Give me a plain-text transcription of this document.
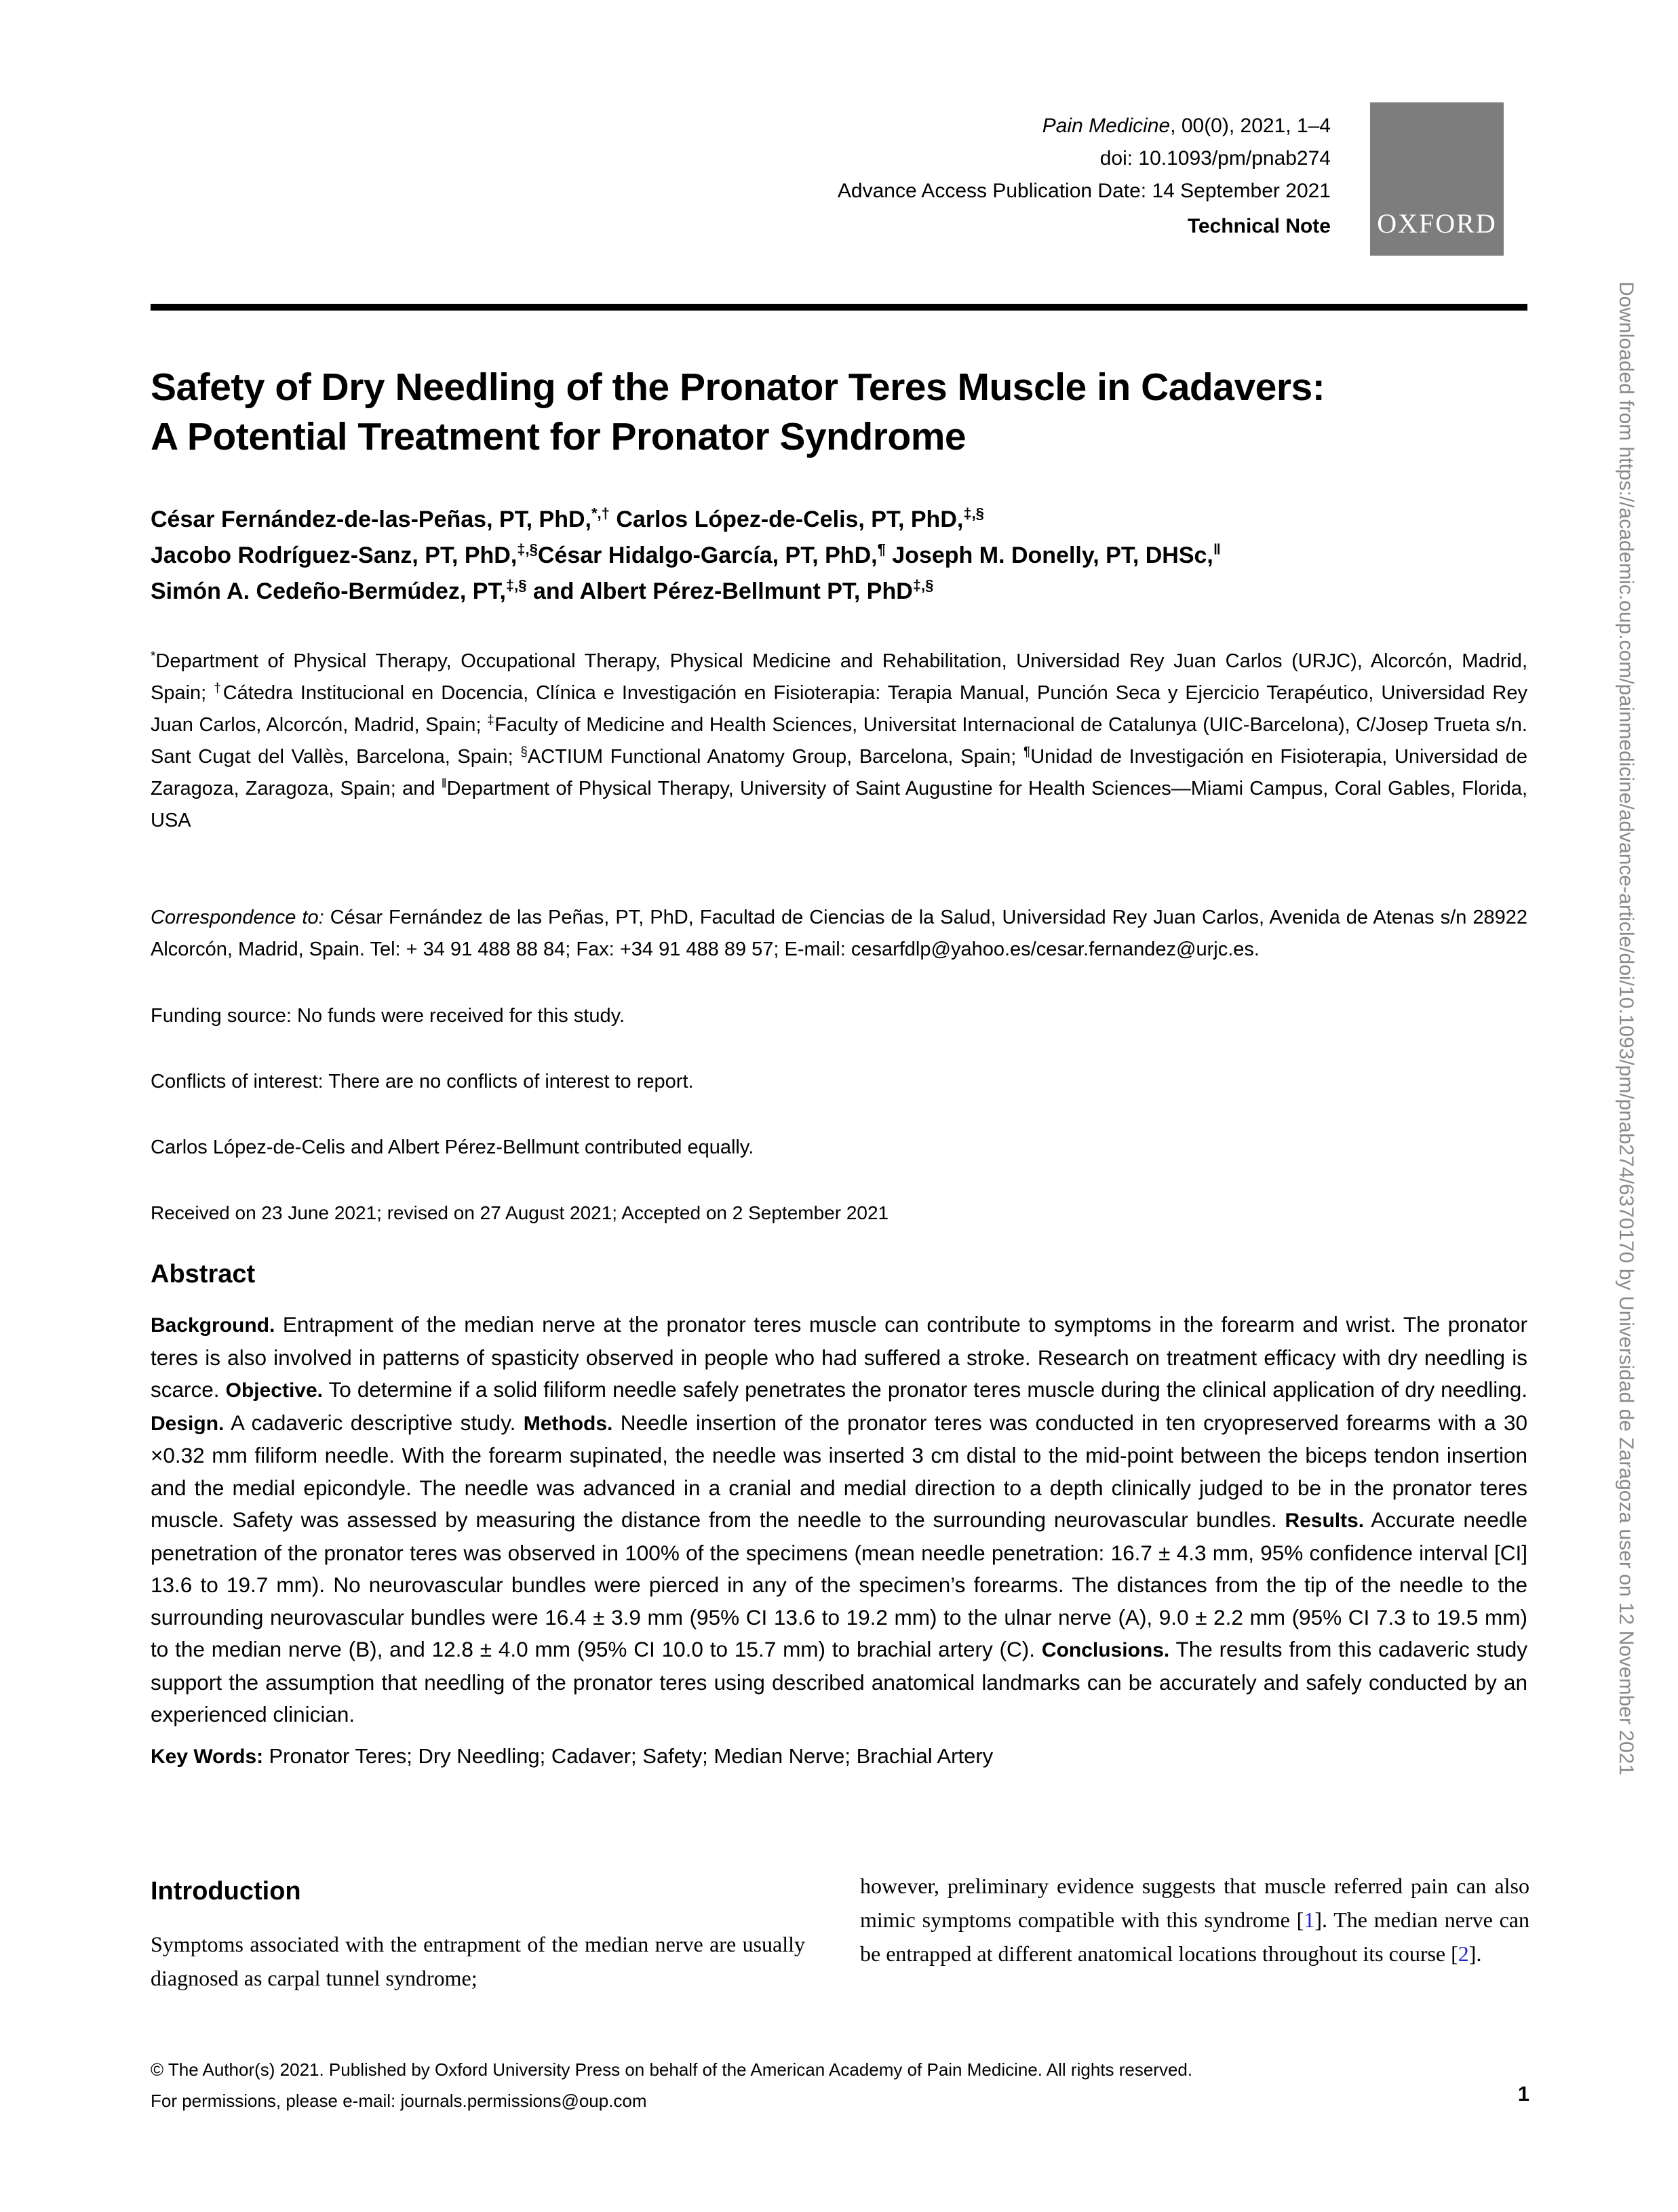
Pain Medicine, 00(0), 2021, 1–4
doi: 10.1093/pm/pnab274
Advance Access Publication Date: 14 September 2021
Technical Note OXFORD
Safety of Dry Needling of the Pronator Teres Muscle in Cadavers:
A Potential Treatment for Pronator Syndrome
César Fernández-de-las-Peñas, PT, PhD,*,† Carlos López-de-Celis, PT, PhD,‡,§
Jacobo Rodríguez-Sanz, PT, PhD,‡,§César Hidalgo-García, PT, PhD,¶ Joseph M. Donelly, PT, DHSc,‖
Simón A. Cedeño-Bermúdez, PT,‡,§ and Albert Pérez-Bellmunt PT, PhD‡,§
*Department of Physical Therapy, Occupational Therapy, Physical Medicine and Rehabilitation, Universidad Rey Juan Carlos (URJC), Alcorcón, Madrid, Spain; †Cátedra Institucional en Docencia, Clínica e Investigación en Fisioterapia: Terapia Manual, Punción Seca y Ejercicio Terapéutico, Universidad Rey Juan Carlos, Alcorcón, Madrid, Spain; ‡Faculty of Medicine and Health Sciences, Universitat Internacional de Catalunya (UIC-Barcelona), C/Josep Trueta s/n. Sant Cugat del Vallès, Barcelona, Spain; §ACTIUM Functional Anatomy Group, Barcelona, Spain; ¶Unidad de Investigación en Fisioterapia, Universidad de Zaragoza, Zaragoza, Spain; and ‖Department of Physical Therapy, University of Saint Augustine for Health Sciences—Miami Campus, Coral Gables, Florida, USA
Correspondence to: César Fernández de las Peñas, PT, PhD, Facultad de Ciencias de la Salud, Universidad Rey Juan Carlos, Avenida de Atenas s/n 28922 Alcorcón, Madrid, Spain. Tel: + 34 91 488 88 84; Fax: +34 91 488 89 57; E-mail: cesarfdlp@yahoo.es/cesar.fernandez@urjc.es.
Funding source: No funds were received for this study.
Conflicts of interest: There are no conflicts of interest to report.
Carlos López-de-Celis and Albert Pérez-Bellmunt contributed equally.
Received on 23 June 2021; revised on 27 August 2021; Accepted on 2 September 2021
Abstract
Background. Entrapment of the median nerve at the pronator teres muscle can contribute to symptoms in the forearm and wrist. The pronator teres is also involved in patterns of spasticity observed in people who had suffered a stroke. Research on treatment efficacy with dry needling is scarce. Objective. To determine if a solid filiform needle safely penetrates the pronator teres muscle during the clinical application of dry needling. Design. A cadaveric descriptive study. Methods. Needle insertion of the pronator teres was conducted in ten cryopreserved forearms with a 30 ×0.32 mm filiform needle. With the forearm supinated, the needle was inserted 3 cm distal to the mid-point between the biceps tendon insertion and the medial epicondyle. The needle was advanced in a cranial and medial direction to a depth clinically judged to be in the pronator teres muscle. Safety was assessed by measuring the distance from the needle to the surrounding neurovascular bundles. Results. Accurate needle penetration of the pronator teres was observed in 100% of the specimens (mean needle penetration: 16.7 ± 4.3 mm, 95% confidence interval [CI] 13.6 to 19.7 mm). No neurovascular bundles were pierced in any of the specimen’s forearms. The distances from the tip of the needle to the surrounding neurovascular bundles were 16.4 ± 3.9 mm (95% CI 13.6 to 19.2 mm) to the ulnar nerve (A), 9.0 ± 2.2 mm (95% CI 7.3 to 19.5 mm) to the median nerve (B), and 12.8 ± 4.0 mm (95% CI 10.0 to 15.7 mm) to brachial artery (C). Conclusions. The results from this cadaveric study support the assumption that needling of the pronator teres using described anatomical landmarks can be accurately and safely conducted by an experienced clinician.
Key Words: Pronator Teres; Dry Needling; Cadaver; Safety; Median Nerve; Brachial Artery
Introduction
Symptoms associated with the entrapment of the median nerve are usually diagnosed as carpal tunnel syndrome;
however, preliminary evidence suggests that muscle referred pain can also mimic symptoms compatible with this syndrome [1]. The median nerve can be entrapped at different anatomical locations throughout its course [2].
© The Author(s) 2021. Published by Oxford University Press on behalf of the American Academy of Pain Medicine. All rights reserved.
For permissions, please e-mail: journals.permissions@oup.com	1
Downloaded from https://academic.oup.com/painmedicine/advance-article/doi/10.1093/pm/pnab274/6370170 by Universidad de Zaragoza user on 12 November 2021
